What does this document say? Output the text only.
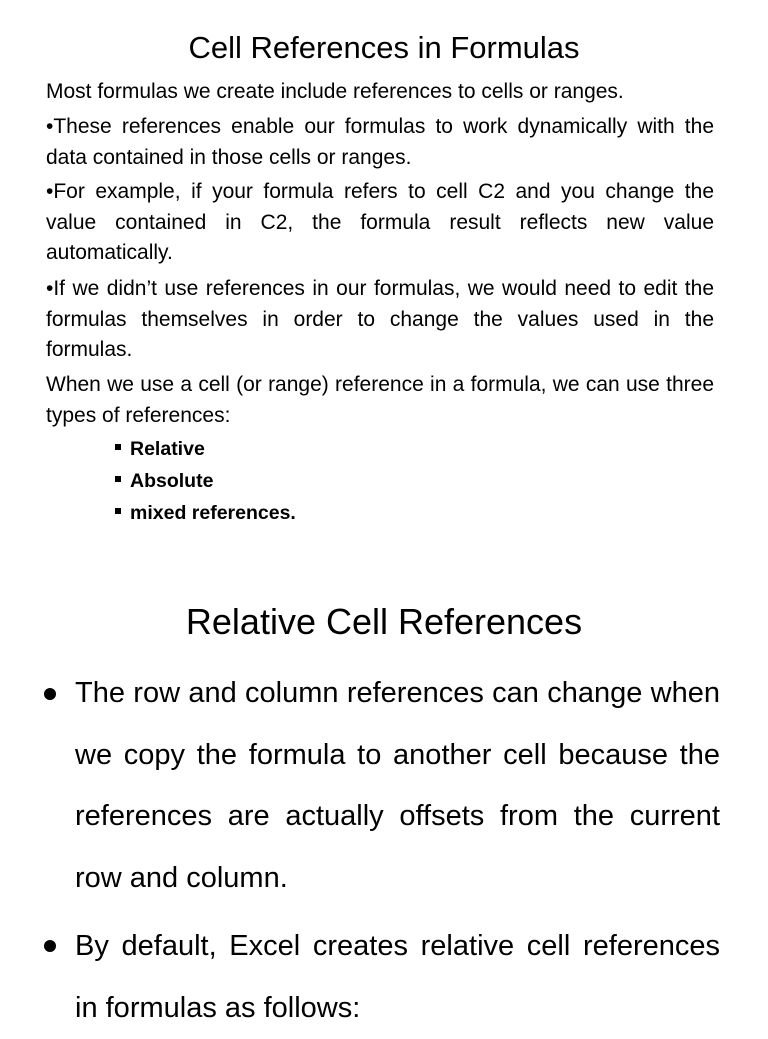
Cell References in Formulas

Most formulas we create include references to cells or ranges.

•These references enable our formulas to work dynamically with the data contained in those cells or ranges.

•For example, if your formula refers to cell C2 and you change the value contained in C2, the formula result reflects new value automatically.

•If we didn’t use references in our formulas, we would need to edit the formulas themselves in order to change the values used in the formulas.

When we use a cell (or range) reference in a formula, we can use three types of references:

Relative
Absolute
mixed references.
Relative Cell References

The row and column references can change when we copy the formula to another cell because the references are actually offsets from the current row and column.

By default, Excel creates relative cell references in formulas as follows:
